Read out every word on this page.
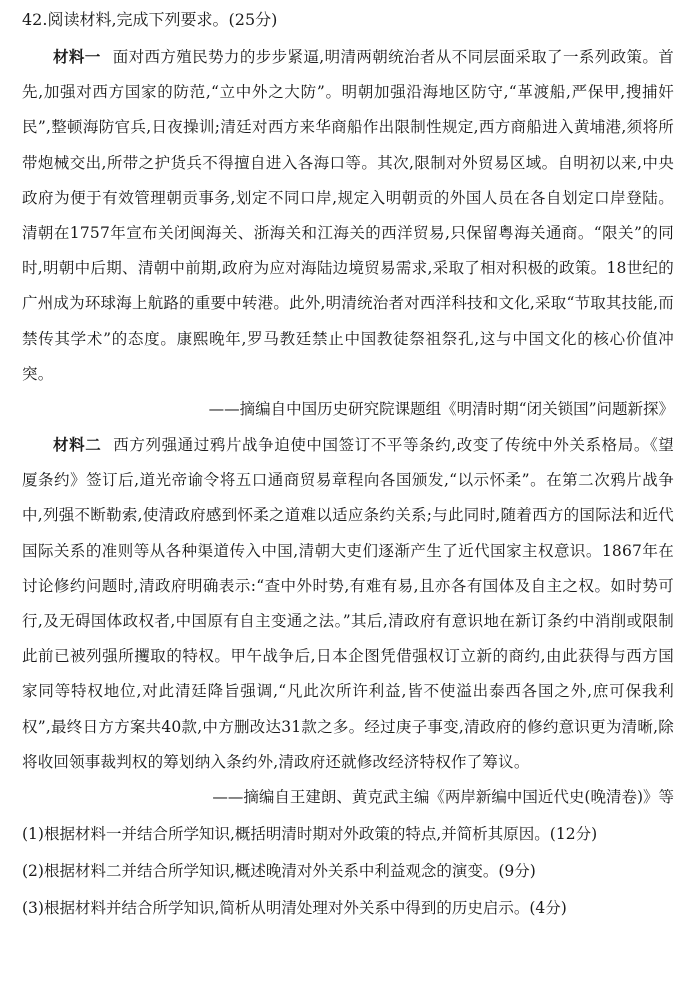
42.阅读材料,完成下列要求。(25分)

材料一 面对西方殖民势力的步步紧逼,明清两朝统治者从不同层面采取了一系列政策。首先,加强对西方国家的防范,“立中外之大防”。明朝加强沿海地区防守,“革渡船,严保甲,搜捕奸民”,整顿海防官兵,日夜操训;清廷对西方来华商船作出限制性规定,西方商船进入黄埔港,须将所带炮械交出,所带之护货兵不得擅自进入各海口等。其次,限制对外贸易区域。自明初以来,中央政府为便于有效管理朝贡事务,划定不同口岸,规定入明朝贡的外国人员在各自划定口岸登陆。清朝在1757年宣布关闭闽海关、浙海关和江海关的西洋贸易,只保留粤海关通商。“限关”的同时,明朝中后期、清朝中前期,政府为应对海陆边境贸易需求,采取了相对积极的政策。18世纪的广州成为环球海上航路的重要中转港。此外,明清统治者对西洋科技和文化,采取“节取其技能,而禁传其学术”的态度。康熙晚年,罗马教廷禁止中国教徒祭祖祭孔,这与中国文化的核心价值冲突。

——摘编自中国历史研究院课题组《明清时期“闭关锁国”问题新探》

材料二 西方列强通过鸦片战争迫使中国签订不平等条约,改变了传统中外关系格局。《望厦条约》签订后,道光帝谕令将五口通商贸易章程向各国颁发,“以示怀柔”。在第二次鸦片战争中,列强不断勒索,使清政府感到怀柔之道难以适应条约关系;与此同时,随着西方的国际法和近代国际关系的准则等从各种渠道传入中国,清朝大吏们逐渐产生了近代国家主权意识。1867年在讨论修约问题时,清政府明确表示:“查中外时势,有难有易,且亦各有国体及自主之权。如时势可行,及无碍国体政权者,中国原有自主变通之法。”其后,清政府有意识地在新订条约中消削或限制此前已被列强所攫取的特权。甲午战争后,日本企图凭借强权订立新的商约,由此获得与西方国家同等特权地位,对此清廷降旨强调,“凡此次所许利益,皆不使溢出泰西各国之外,庶可保我利权”,最终日方方案共40款,中方删改达31款之多。经过庚子事变,清政府的修约意识更为清晰,除将收回领事裁判权的筹划纳入条约外,清政府还就修改经济特权作了筹议。

——摘编自王建朗、黄克武主编《两岸新编中国近代史(晚清卷)》等

(1)根据材料一并结合所学知识,概括明清时期对外政策的特点,并简析其原因。(12分)

(2)根据材料二并结合所学知识,概述晚清对外关系中利益观念的演变。(9分)

(3)根据材料并结合所学知识,简析从明清处理对外关系中得到的历史启示。(4分)
